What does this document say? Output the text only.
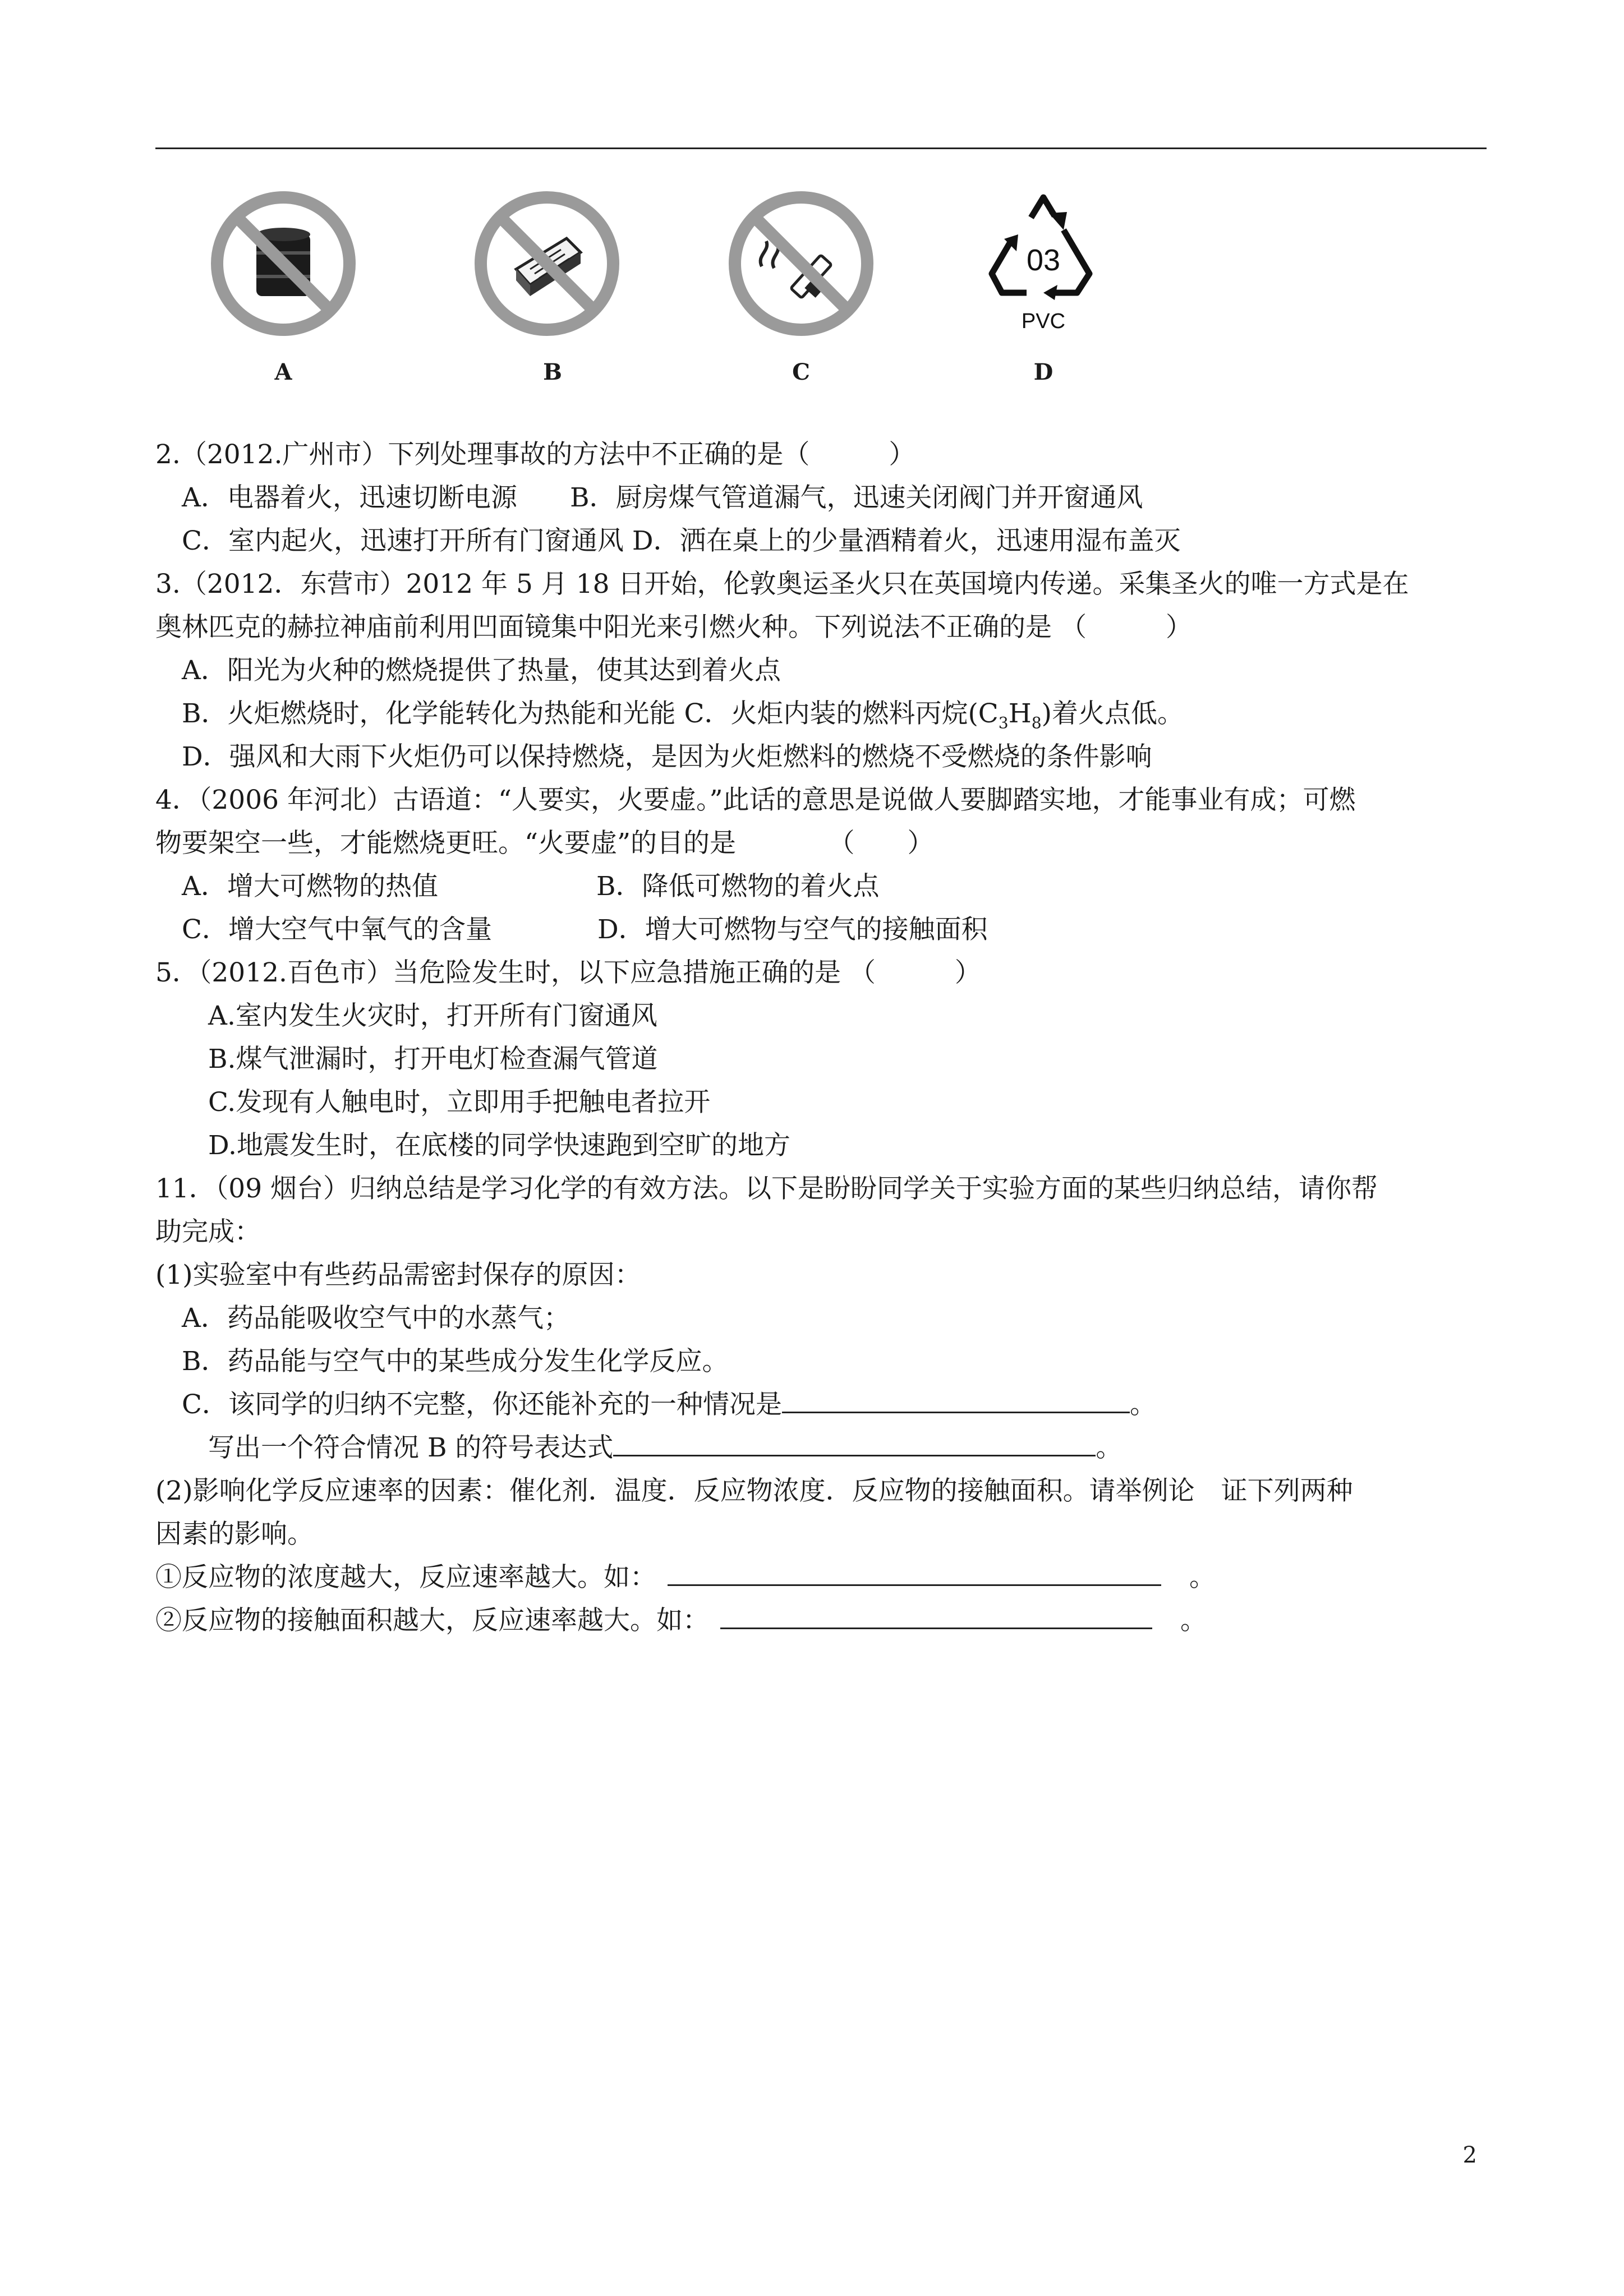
A	B	C
03
PVC
D
2.（2012.广州市）下列处理事故的方法中不正确的是（　　　）
　A．电器着火，迅速切断电源　　B．厨房煤气管道漏气，迅速关闭阀门并开窗通风
　C．室内起火，迅速打开所有门窗通风 D．洒在桌上的少量酒精着火，迅速用湿布盖灭
3.（2012．东营市）2012 年 5 月 18 日开始，伦敦奥运圣火只在英国境内传递。采集圣火的唯一方式是在
奥林匹克的赫拉神庙前利用凹面镜集中阳光来引燃火种。下列说法不正确的是 （　　　）
　A．阳光为火种的燃烧提供了热量，使其达到着火点
　B．火炬燃烧时，化学能转化为热能和光能 C．火炬内装的燃料丙烷$(C_3H_8)$着火点低。
　D．强风和大雨下火炬仍可以保持燃烧，是因为火炬燃料的燃烧不受燃烧的条件影响
4．（2006 年河北）古语道：“人要实，火要虚。”此话的意思是说做人要脚踏实地，才能事业有成；可燃
物要架空一些，才能燃烧更旺。“火要虚”的目的是　　　　（　　）
　A．增大可燃物的热值　　　　　　B．降低可燃物的着火点
　C．增大空气中氧气的含量　　　　D．增大可燃物与空气的接触面积
5．（2012.百色市）当危险发生时，以下应急措施正确的是 （　　　）
　　A.室内发生火灾时，打开所有门窗通风
　　B.煤气泄漏时，打开电灯检查漏气管道
　　C.发现有人触电时，立即用手把触电者拉开
　　D.地震发生时，在底楼的同学快速跑到空旷的地方
11．（09 烟台）归纳总结是学习化学的有效方法。以下是盼盼同学关于实验方面的某些归纳总结，请你帮
助完成：
(1)实验室中有些药品需密封保存的原因：
　A．药品能吸收空气中的水蒸气；
　B．药品能与空气中的某些成分发生化学反应。
　C．该同学的归纳不完整，你还能补充的一种情况是	。
　　写出一个符合情况 B 的符号表达式	。
(2)影响化学反应速率的因素：催化剂．温度．反应物浓度．反应物的接触面积。请举例论　证下列两种
因素的影响。
①反应物的浓度越大，反应速率越大。如：	。
②反应物的接触面积越大，反应速率越大。如：	。
2
